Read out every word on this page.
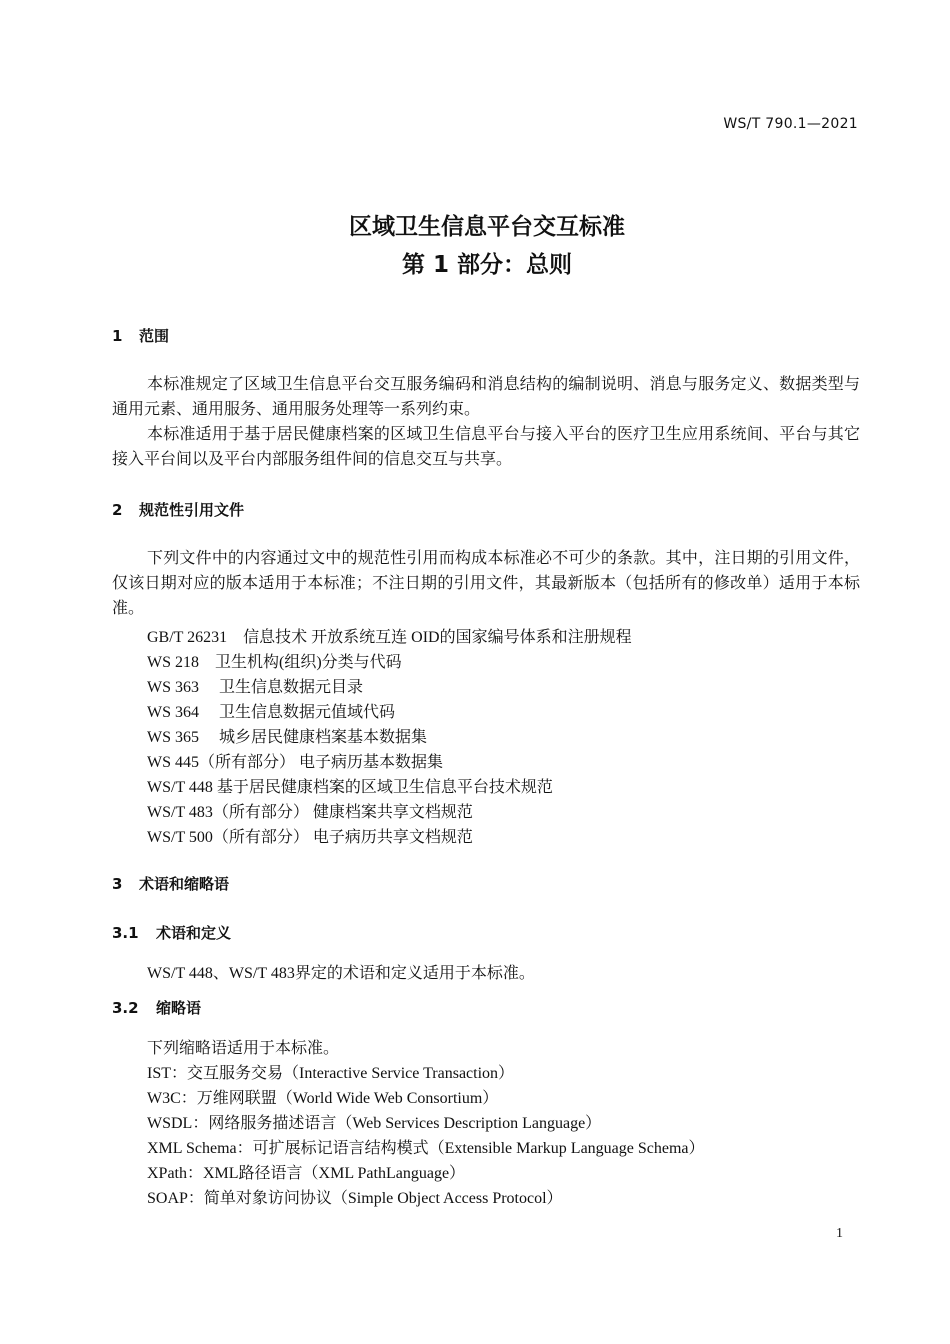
WS/T 790.1—2021
区域卫生信息平台交互标准
第 1 部分：总则
1 范围
本标准规定了区域卫生信息平台交互服务编码和消息结构的编制说明、消息与服务定义、数据类型与通用元素、通用服务、通用服务处理等一系列约束。
本标准适用于基于居民健康档案的区域卫生信息平台与接入平台的医疗卫生应用系统间、平台与其它接入平台间以及平台内部服务组件间的信息交互与共享。
2 规范性引用文件
下列文件中的内容通过文中的规范性引用而构成本标准必不可少的条款。其中，注日期的引用文件，仅该日期对应的版本适用于本标准；不注日期的引用文件，其最新版本（包括所有的修改单）适用于本标准。
GB/T 26231　信息技术 开放系统互连 OID的国家编号体系和注册规程
WS 218　卫生机构(组织)分类与代码
WS 363　 卫生信息数据元目录
WS 364　 卫生信息数据元值域代码
WS 365　 城乡居民健康档案基本数据集
WS 445（所有部分） 电子病历基本数据集
WS/T 448 基于居民健康档案的区域卫生信息平台技术规范
WS/T 483（所有部分） 健康档案共享文档规范
WS/T 500（所有部分） 电子病历共享文档规范
3 术语和缩略语
3.1 术语和定义
WS/T 448、WS/T 483界定的术语和定义适用于本标准。
3.2 缩略语
下列缩略语适用于本标准。
IST：交互服务交易（Interactive Service Transaction）
W3C：万维网联盟（World Wide Web Consortium）
WSDL：网络服务描述语言（Web Services Description Language）
XML Schema：可扩展标记语言结构模式（Extensible Markup Language Schema）
XPath：XML路径语言（XML PathLanguage）
SOAP：简单对象访问协议（Simple Object Access Protocol）
1
